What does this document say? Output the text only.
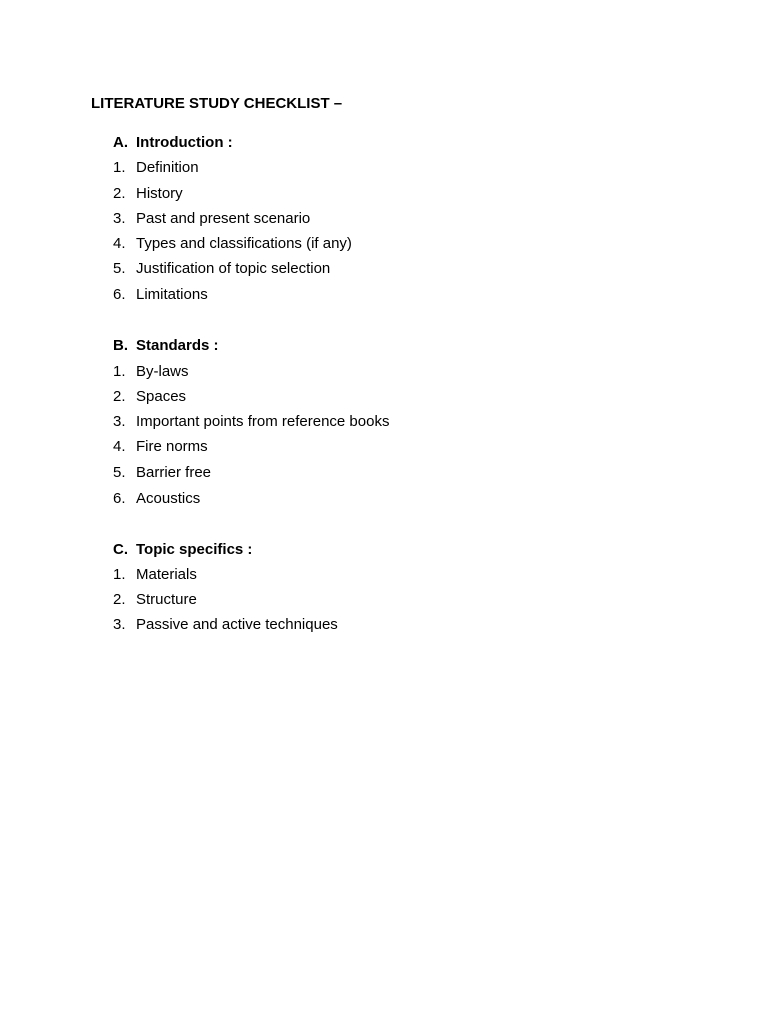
LITERATURE STUDY CHECKLIST –
A. Introduction :
1. Definition
2. History
3. Past and present scenario
4. Types and classifications (if any)
5. Justification of topic selection
6. Limitations
B. Standards :
1. By-laws
2. Spaces
3. Important points from reference books
4. Fire norms
5. Barrier free
6. Acoustics
C. Topic specifics :
1. Materials
2. Structure
3. Passive and active techniques
